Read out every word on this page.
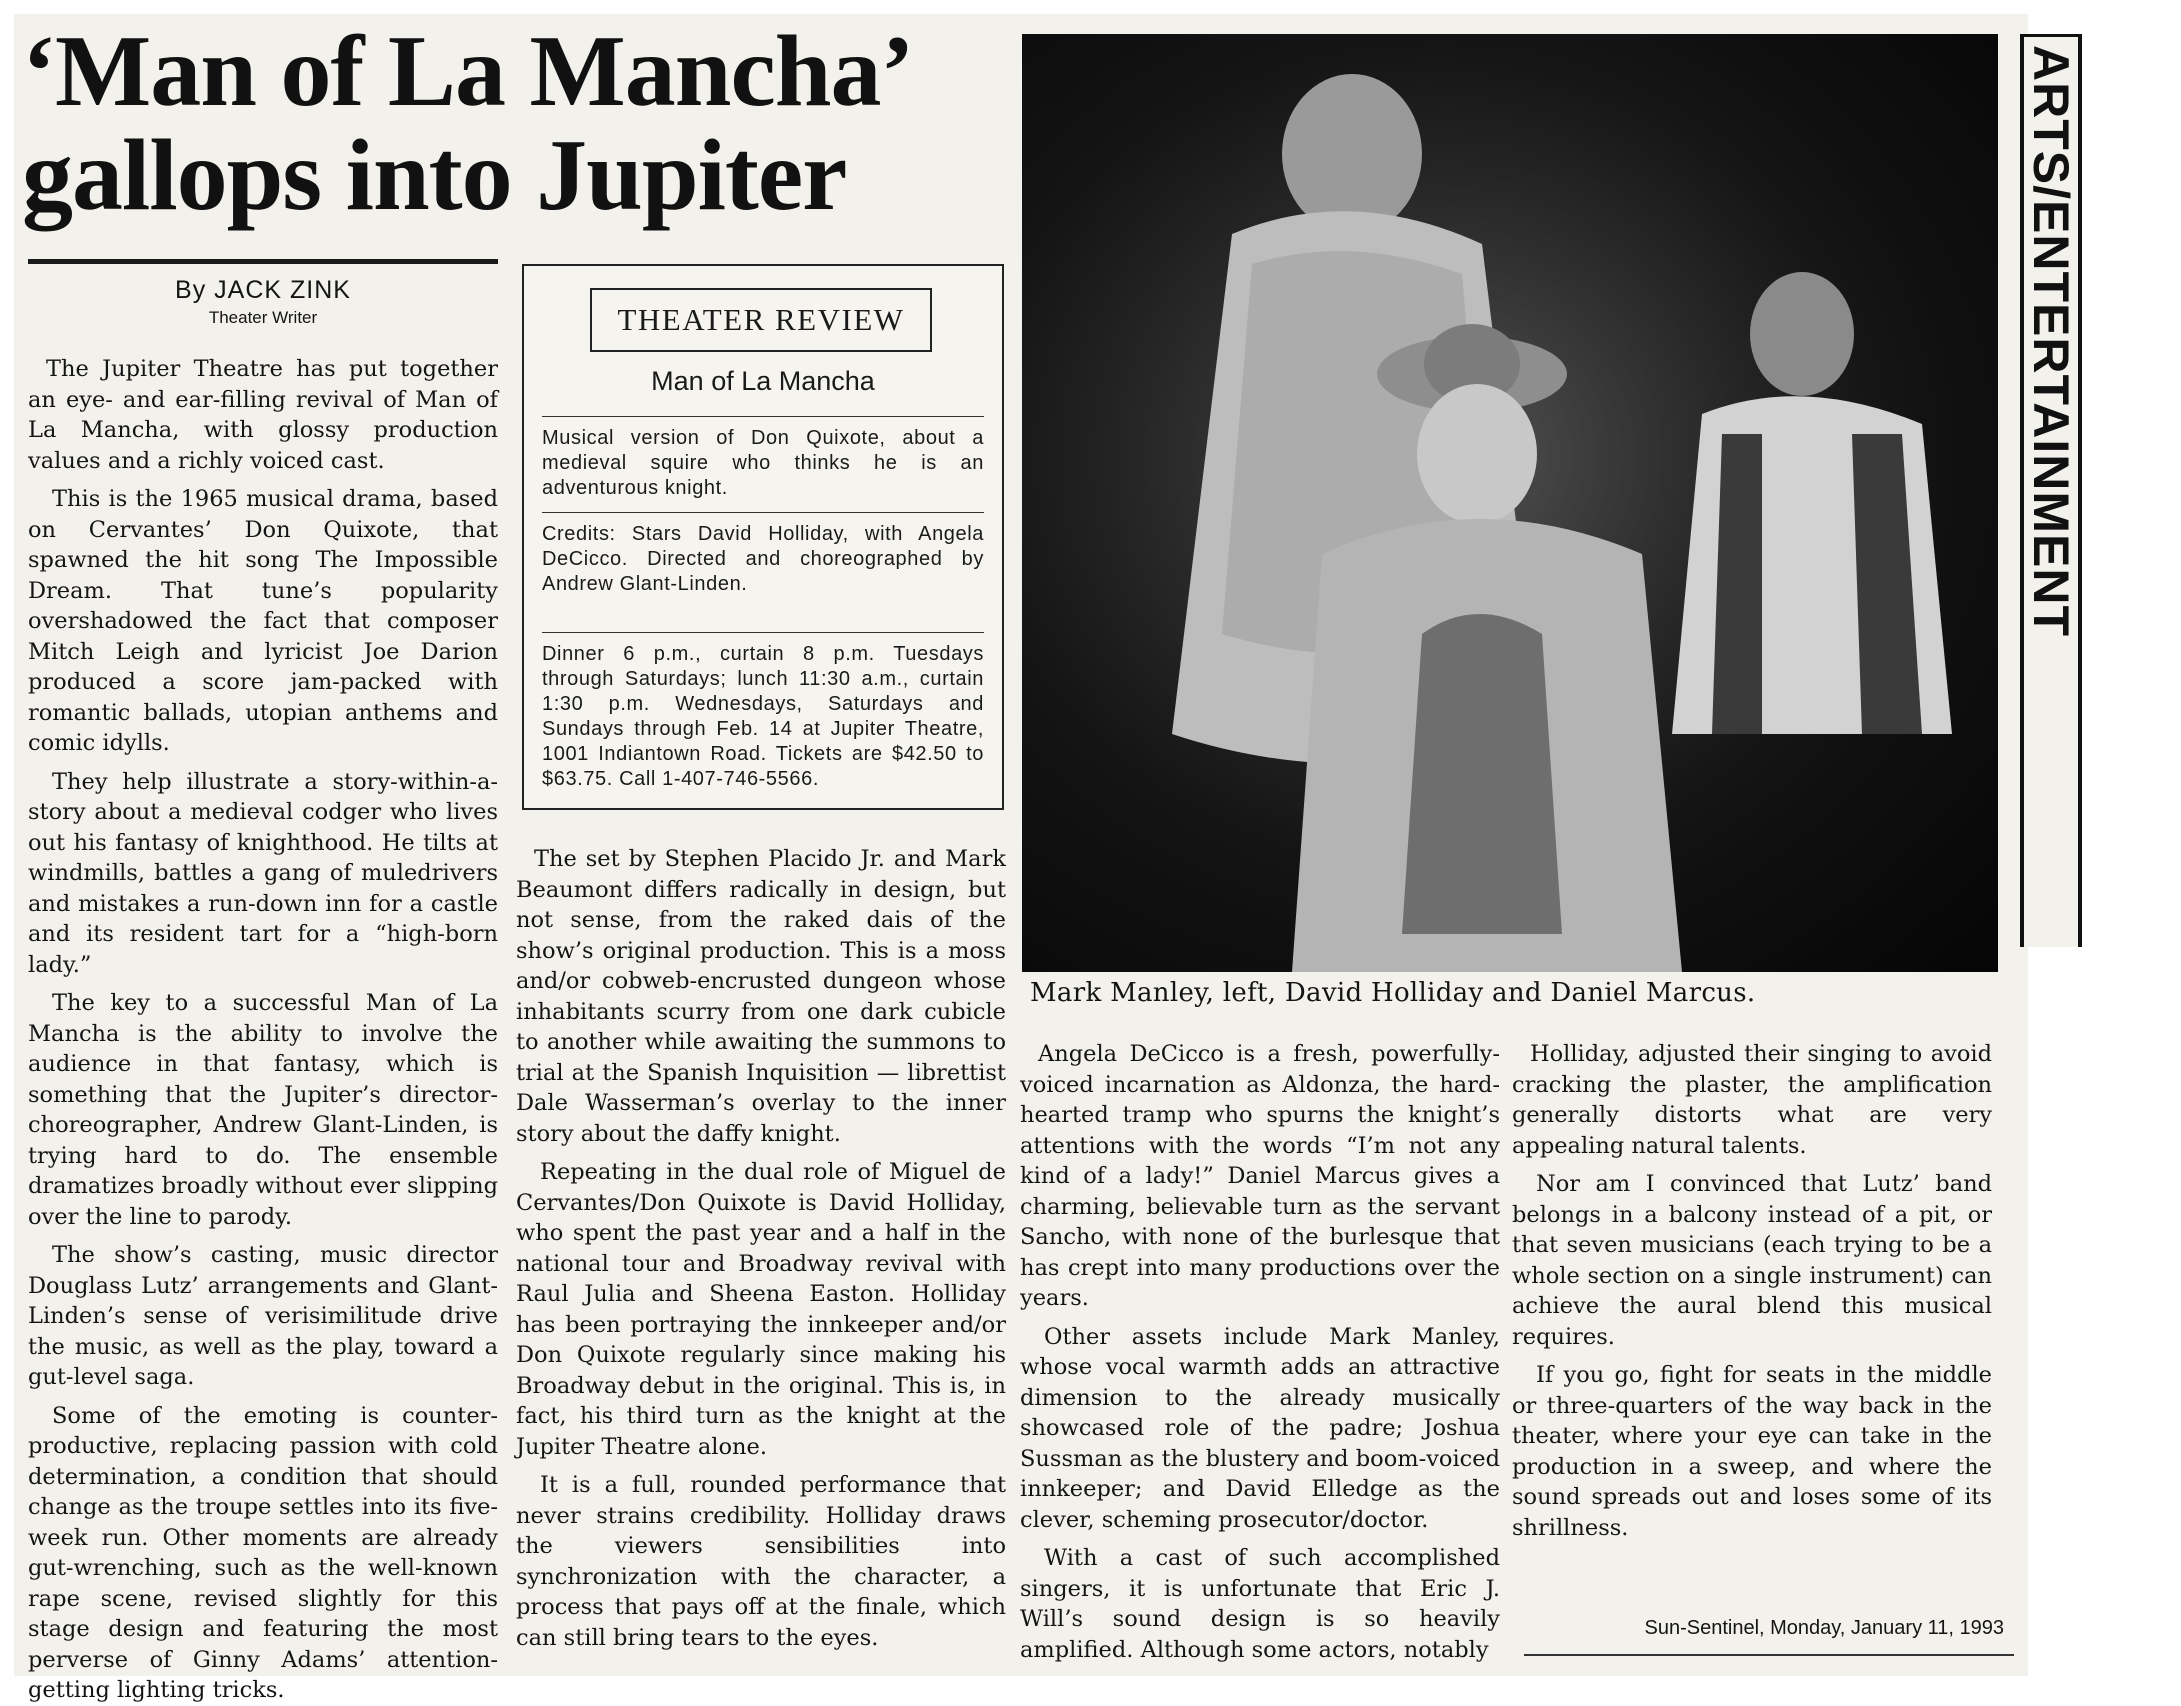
‘Man of La Mancha’
gallops into Jupiter
By JACK ZINK
Theater Writer

The Jupiter Theatre has put together an eye- and ear-filling revival of Man of La Mancha, with glossy production values and a richly voiced cast.

This is the 1965 musical drama, based on Cervantes’ Don Quixote, that spawned the hit song The Impossible Dream. That tune’s popularity overshadowed the fact that composer Mitch Leigh and lyricist Joe Darion produced a score jam-packed with romantic ballads, utopian anthems and comic idylls.

They help illustrate a story-within-a-story about a medieval codger who lives out his fantasy of knighthood. He tilts at windmills, battles a gang of muledrivers and mistakes a run-down inn for a castle and its resident tart for a “high-born lady.”

The key to a successful Man of La Mancha is the ability to involve the audience in that fantasy, which is something that the Jupiter’s director-choreographer, Andrew Glant-Linden, is trying hard to do. The ensemble dramatizes broadly without ever slipping over the line to parody.

The show’s casting, music director Douglass Lutz’ arrangements and Glant-Linden’s sense of verisimilitude drive the music, as well as the play, toward a gut-level saga.

Some of the emoting is counter-productive, replacing passion with cold determination, a condition that should change as the troupe settles into its five-week run. Other moments are already gut-wrenching, such as the well-known rape scene, revised slightly for this stage design and featuring the most perverse of Ginny Adams’ attention-getting lighting tricks.

THEATER REVIEW
Man of La Mancha
Musical version of Don Quixote, about a medieval squire who thinks he is an adventurous knight.
Credits: Stars David Holliday, with Angela DeCicco. Directed and choreographed by Andrew Glant-Linden.
Dinner 6 p.m., curtain 8 p.m. Tuesdays through Saturdays; lunch 11:30 a.m., curtain 1:30 p.m. Wednesdays, Saturdays and Sundays through Feb. 14 at Jupiter Theatre, 1001 Indiantown Road. Tickets are $42.50 to $63.75. Call 1-407-746-5566.

The set by Stephen Placido Jr. and Mark Beaumont differs radically in design, but not sense, from the raked dais of the show’s original production. This is a moss and/or cobweb-encrusted dungeon whose inhabitants scurry from one dark cubicle to another while awaiting the summons to trial at the Spanish Inquisition — librettist Dale Wasserman’s overlay to the inner story about the daffy knight.

Repeating in the dual role of Miguel de Cervantes/Don Quixote is David Holliday, who spent the past year and a half in the national tour and Broadway revival with Raul Julia and Sheena Easton. Holliday has been portraying the innkeeper and/or Don Quixote regularly since making his Broadway debut in the original. This is, in fact, his third turn as the knight at the Jupiter Theatre alone.

It is a full, rounded performance that never strains credibility. Holliday draws the viewers sensibilities into synchronization with the character, a process that pays off at the finale, which can still bring tears to the eyes.

Mark Manley, left, David Holliday and Daniel Marcus.
ARTS/ENTERTAINMENT

Angela DeCicco is a fresh, powerfully-voiced incarnation as Aldonza, the hard-hearted tramp who spurns the knight’s attentions with the words “I’m not any kind of a lady!” Daniel Marcus gives a charming, believable turn as the servant Sancho, with none of the burlesque that has crept into many productions over the years.

Other assets include Mark Manley, whose vocal warmth adds an attractive dimension to the already musically showcased role of the padre; Joshua Sussman as the blustery and boom-voiced innkeeper; and David Elledge as the clever, scheming prosecutor/doctor.

With a cast of such accomplished singers, it is unfortunate that Eric J. Will’s sound design is so heavily amplified. Although some actors, notably

Holliday, adjusted their singing to avoid cracking the plaster, the amplification generally distorts what are very appealing natural talents.

Nor am I convinced that Lutz’ band belongs in a balcony instead of a pit, or that seven musicians (each trying to be a whole section on a single instrument) can achieve the aural blend this musical requires.

If you go, fight for seats in the middle or three-quarters of the way back in the theater, where your eye can take in the production in a sweep, and where the sound spreads out and loses some of its shrillness.

Sun-Sentinel, Monday, January 11, 1993
